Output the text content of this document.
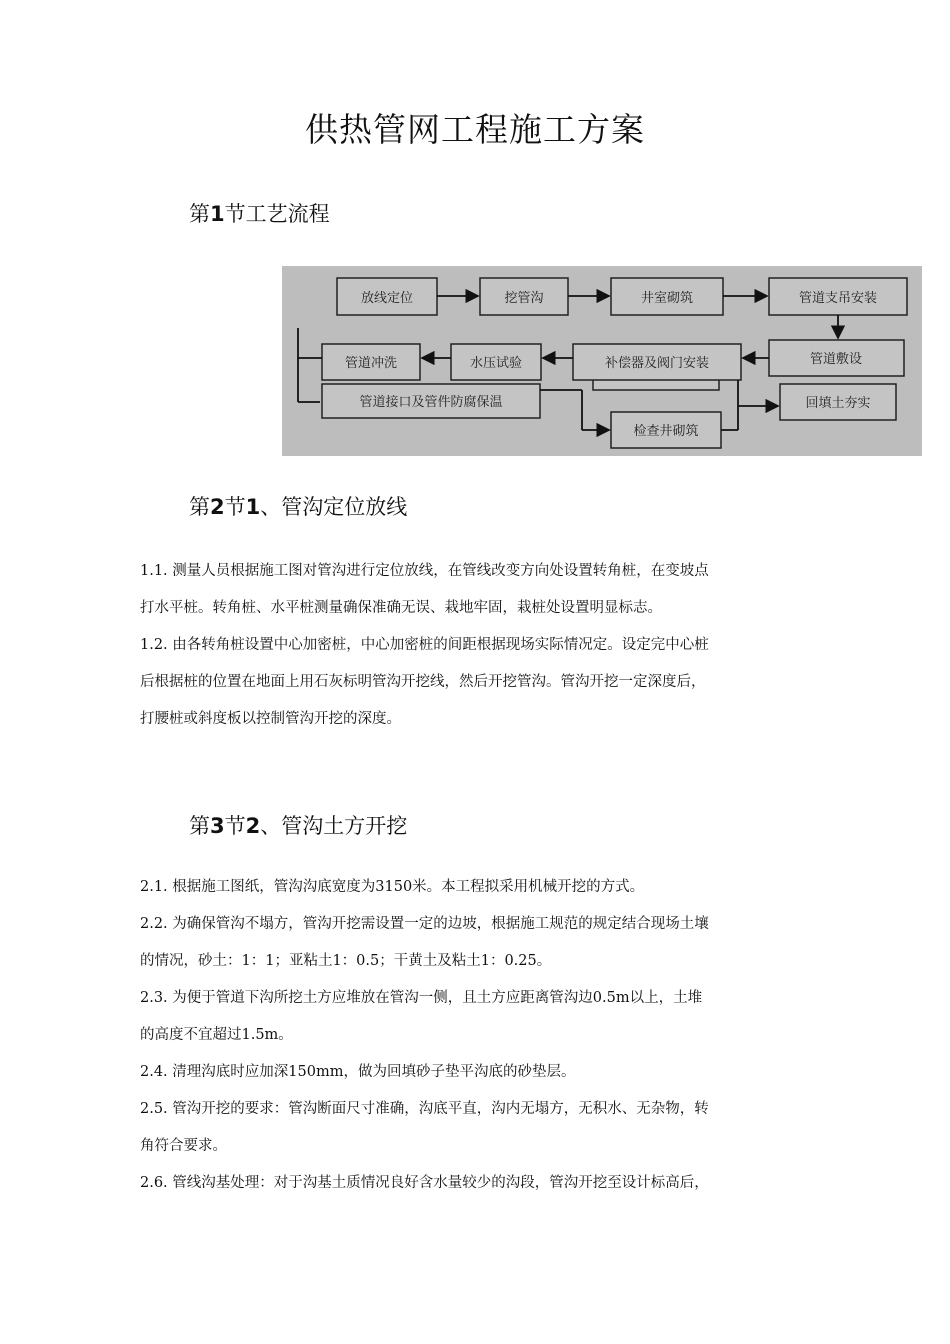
供热管网工程施工方案
第1节工艺流程
放线定位	挖管沟	井室砌筑	管道支吊安装
管道敷设
补偿器及阀门安装
水压试验
管道冲洗
管道接口及管件防腐保温	回填土夯实
检查井砌筑
第2节1、管沟定位放线
1.1. 测量人员根据施工图对管沟进行定位放线，在管线改变方向处设置转角桩，在变坡点
打水平桩。转角桩、水平桩测量确保准确无误、栽地牢固，栽桩处设置明显标志。
1.2. 由各转角桩设置中心加密桩，中心加密桩的间距根据现场实际情况定。设定完中心桩
后根据桩的位置在地面上用石灰标明管沟开挖线，然后开挖管沟。管沟开挖一定深度后，
打腰桩或斜度板以控制管沟开挖的深度。
第3节2、管沟土方开挖
2.1. 根据施工图纸，管沟沟底宽度为3150米。本工程拟采用机械开挖的方式。
2.2. 为确保管沟不塌方，管沟开挖需设置一定的边坡，根据施工规范的规定结合现场土壤
的情况，砂土：1：1；亚粘土1：0.5；干黄土及粘土1：0.25。
2.3. 为便于管道下沟所挖土方应堆放在管沟一侧，且土方应距离管沟边0.5m以上，土堆
的高度不宜超过1.5m。
2.4. 清理沟底时应加深150mm，做为回填砂子垫平沟底的砂垫层。
2.5. 管沟开挖的要求：管沟断面尺寸准确，沟底平直，沟内无塌方，无积水、无杂物，转
角符合要求。
2.6. 管线沟基处理：对于沟基土质情况良好含水量较少的沟段，管沟开挖至设计标高后，
